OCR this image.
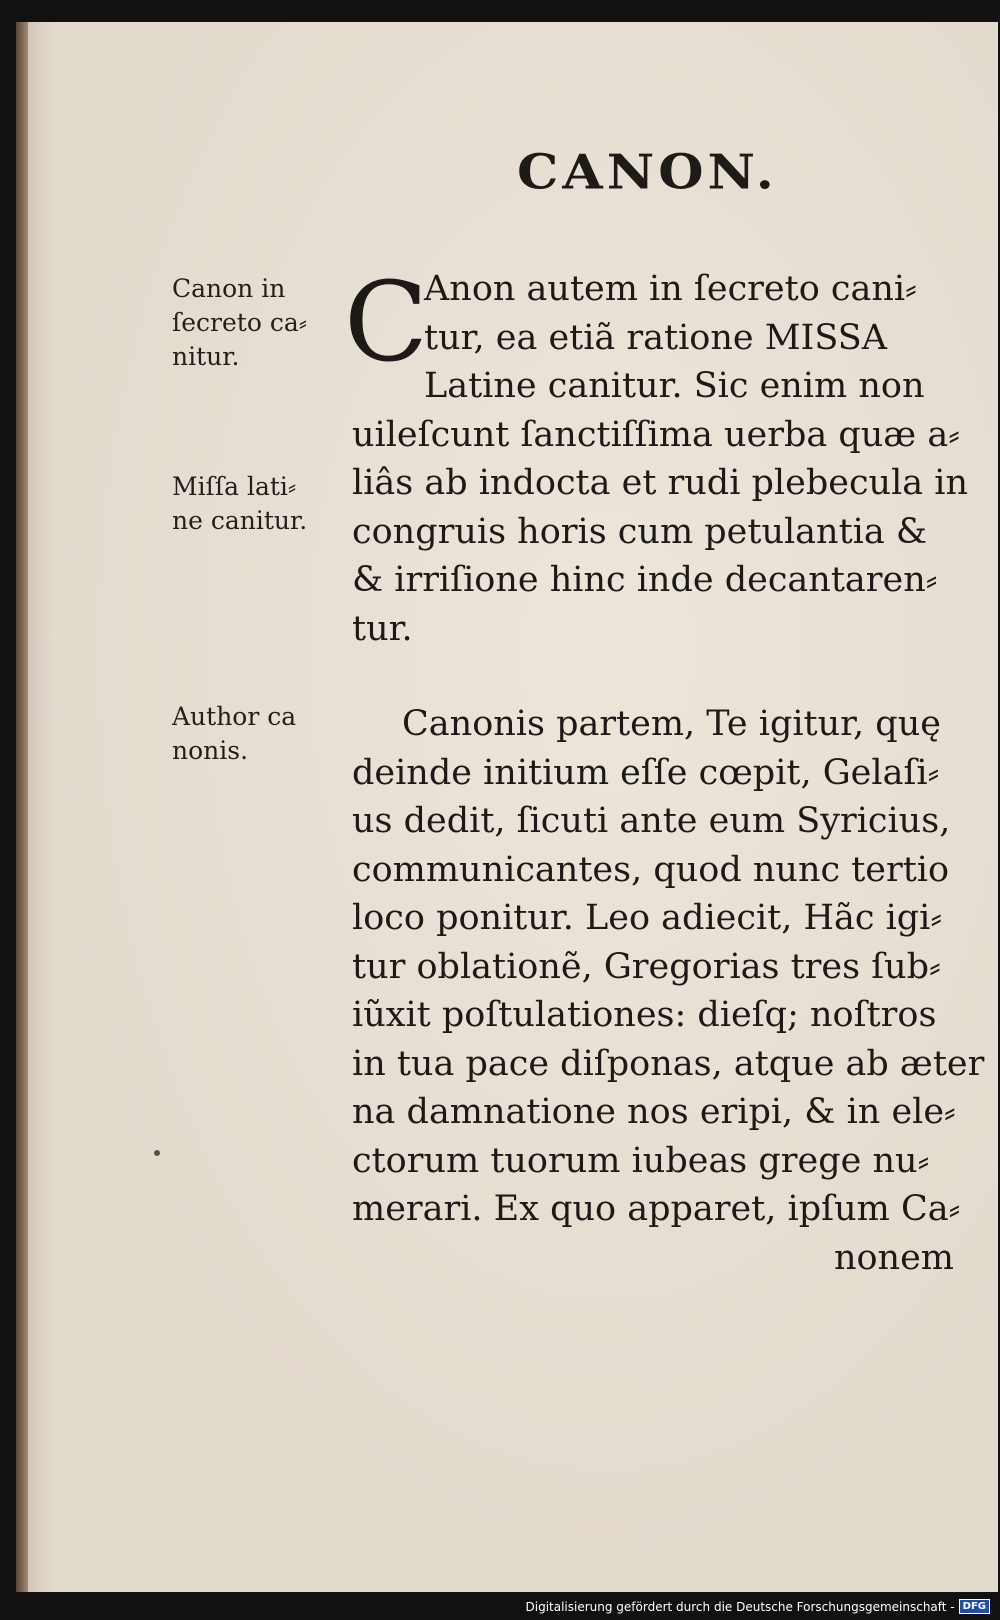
CANON.
Canon in
ſecreto ca⸗
nitur.
Miſſa lati⸗
ne canitur.
Author ca
nonis.
C
Anon autem in ſecreto cani⸗
tur, ea etiã ratione MISSA
Latine canitur. Sic enim non
uileſcunt ſanctiſſima uerba quæ a⸗
liâs ab indocta et rudi plebecula in
congruis horis cum petulantia &
& irriſione hinc inde decantaren⸗
tur.
Canonis partem, Te igitur, quę
deinde initium eſſe cœpit, Gelaſi⸗
us dedit, ſicuti ante eum Syricius,
communicantes, quod nunc tertio
loco ponitur. Leo adiecit, Hãc igi⸗
tur oblationẽ, Gregorias tres ſub⸗
iũxit poſtulationes: dieſq; noſtros
in tua pace diſponas, atque ab æter
na damnatione nos eripi, & in ele⸗
ctorum tuorum iubeas grege nu⸗
merari. Ex quo apparet, ipſum Ca⸗
nonem
Digitalisierung gefördert durch die Deutsche Forschungsgemeinschaft - DFG
